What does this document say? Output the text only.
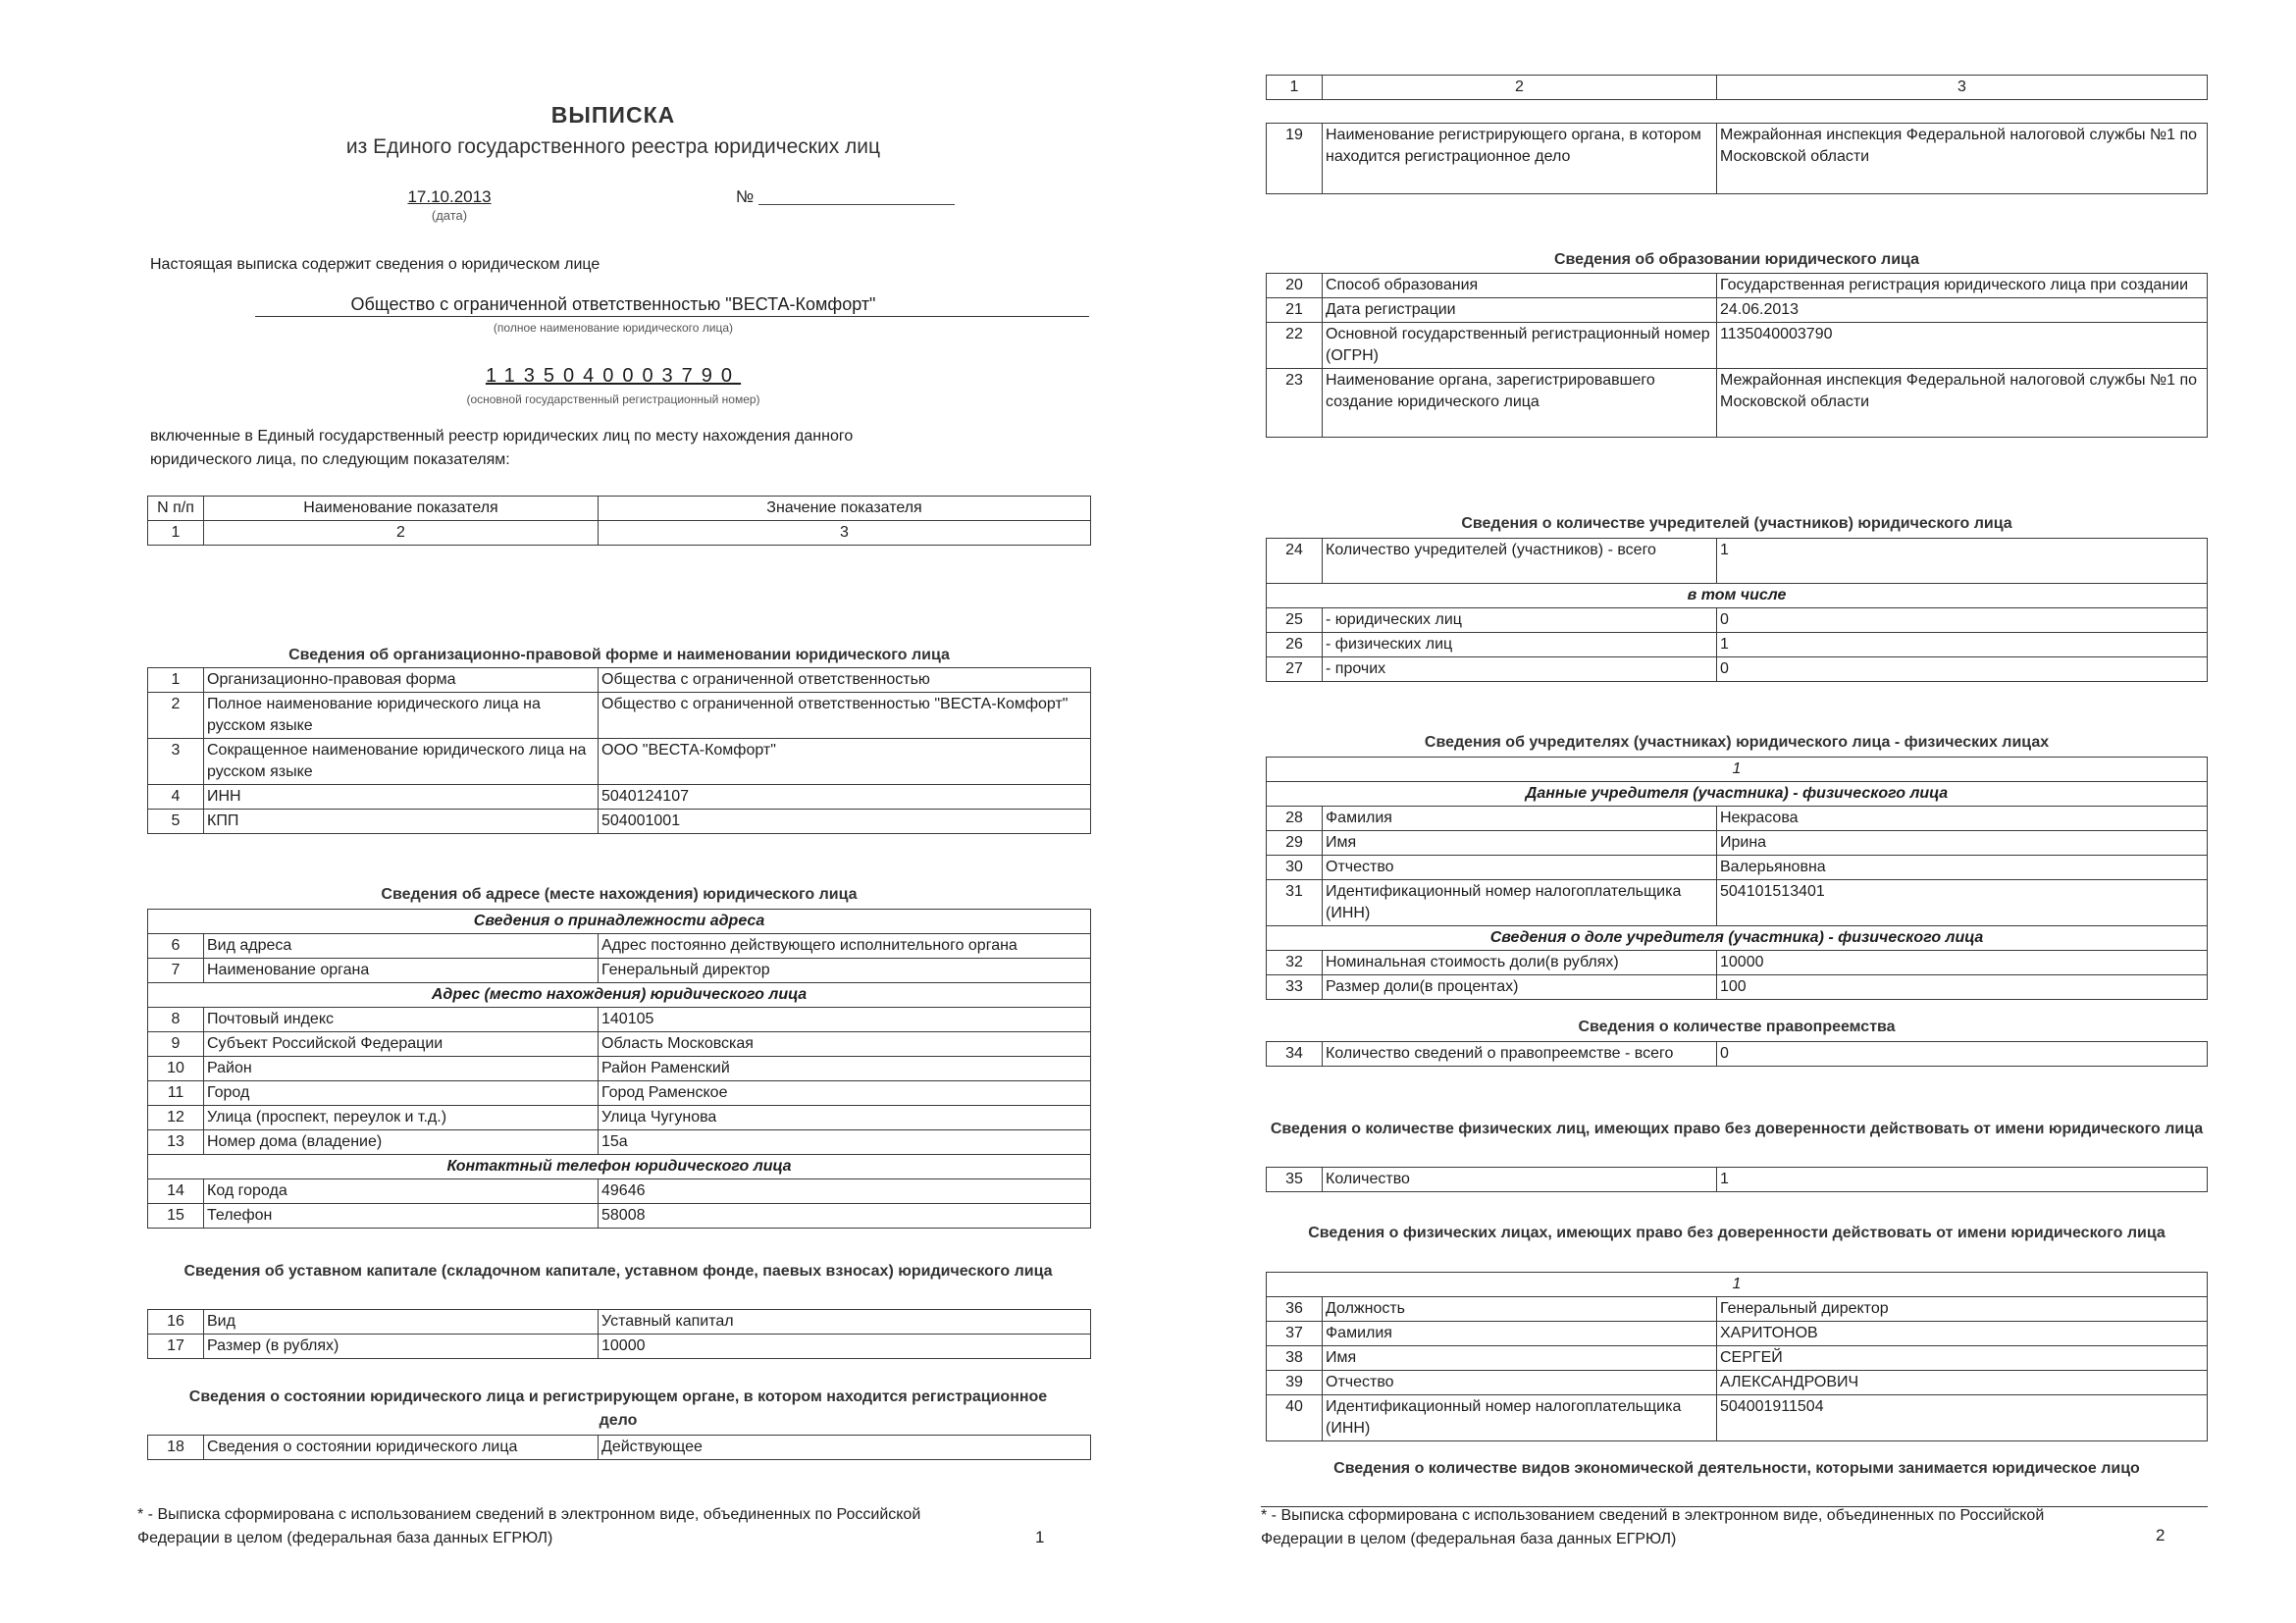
ВЫПИСКА
из Единого государственного реестра юридических лиц
17.10.2013
(дата)
№
Настоящая выписка содержит сведения о юридическом лице
Общество с ограниченной ответственностью "ВЕСТА-Комфорт"
(полное наименование юридического лица)
1135040003790
(основной государственный регистрационный номер)
включенные в Единый государственный реестр юридических лиц по месту нахождения данного юридического лица, по следующим показателям:
N п/п	Наименование показателя	Значение показателя
1	2	3
Сведения об организационно-правовой форме и наименовании юридического лица
1	Организационно-правовая форма	Общества с ограниченной ответственностью
2	Полное наименование юридического лица на русском языке	Общество с ограниченной ответственностью "ВЕСТА-Комфорт"
3	Сокращенное наименование юридического лица на русском языке	ООО "ВЕСТА-Комфорт"
4	ИНН	5040124107
5	КПП	504001001
Сведения об адресе (месте нахождения) юридического лица
Сведения о принадлежности адреса		
6	Вид адреса	Адрес постоянно действующего исполнительного органа
7	Наименование органа	Генеральный директор
Адрес (место нахождения) юридического лица		
8	Почтовый индекс	140105
9	Субъект Российской Федерации	Область Московская
10	Район	Район Раменский
11	Город	Город Раменское
12	Улица (проспект, переулок и т.д.)	Улица Чугунова
13	Номер дома (владение)	15а
Контактный телефон юридического лица		
14	Код города	49646
15	Телефон	58008
Сведения об уставном капитале (складочном капитале, уставном фонде, паевых взносах) юридического лица
16	Вид	Уставный капитал
17	Размер (в рублях)	10000
Сведения о состоянии юридического лица и регистрирующем органе, в котором находится регистрационное дело
18	Сведения о состоянии юридического лица	Действующее
* - Выписка сформирована с использованием сведений в электронном виде, объединенных по Российской Федерации в целом (федеральная база данных ЕГРЮЛ)	1
1	2	3
19	Наименование регистрирующего органа, в котором находится регистрационное дело	Межрайонная инспекция Федеральной налоговой службы №1 по Московской области
Сведения об образовании юридического лица
20	Способ образования	Государственная регистрация юридического лица при создании
21	Дата регистрации	24.06.2013
22	Основной государственный регистрационный номер (ОГРН)	1135040003790
23	Наименование органа, зарегистрировавшего создание юридического лица	Межрайонная инспекция Федеральной налоговой службы №1 по Московской области
Сведения о количестве учредителей (участников) юридического лица
24	Количество учредителей (участников) - всего	1
в том числе		
25	- юридических лиц	0
26	- физических лиц	1
27	- прочих	0
Сведения об учредителях (участниках) юридического лица - физических лицах
1		
Данные учредителя (участника) - физического лица		
28	Фамилия	Некрасова
29	Имя	Ирина
30	Отчество	Валерьяновна
31	Идентификационный номер налогоплательщика (ИНН)	504101513401
Сведения о доле учредителя (участника) - физического лица		
32	Номинальная стоимость доли(в рублях)	10000
33	Размер доли(в процентах)	100
Сведения о количестве правопреемства
34	Количество сведений о правопреемстве - всего	0
Сведения о количестве физических лиц, имеющих право без доверенности действовать от имени юридического лица
35	Количество	1
Сведения о физических лицах, имеющих право без доверенности действовать от имени юридического лица
1		
36	Должность	Генеральный директор
37	Фамилия	ХАРИТОНОВ
38	Имя	СЕРГЕЙ
39	Отчество	АЛЕКСАНДРОВИЧ
40	Идентификационный номер налогоплательщика (ИНН)	504001911504
Сведения о количестве видов экономической деятельности, которыми занимается юридическое лицо
* - Выписка сформирована с использованием сведений в электронном виде, объединенных по Российской Федерации в целом (федеральная база данных ЕГРЮЛ)	2
